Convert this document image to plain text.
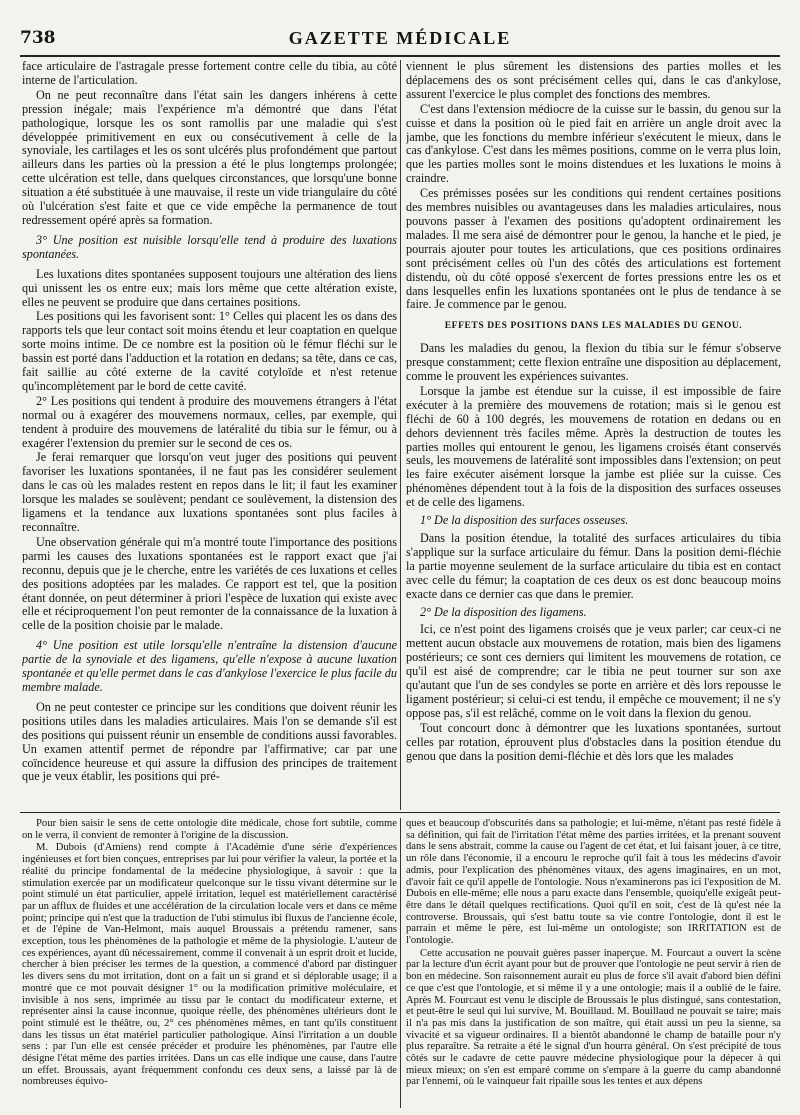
738	GAZETTE MÉDICALE

face articulaire de l'astragale presse fortement contre celle du tibia, au côté interne de l'articulation.

On ne peut reconnaître dans l'état sain les dangers inhérens à cette pression inégale; mais l'expérience m'a démontré que dans l'état pathologique, lorsque les os sont ramollis par une maladie qui s'est développée primitivement en eux ou consécutivement à celle de la synoviale, les cartilages et les os sont ulcérés plus profondément que partout ailleurs dans les parties où la pression a été le plus longtemps prolongée; cette ulcération est telle, dans quelques circonstances, que lorsqu'une bonne situation a été substituée à une mauvaise, il reste un vide triangulaire du côté où l'ulcération s'est faite et que ce vide empêche la permanence de tout redressement opéré après sa formation.

3° Une position est nuisible lorsqu'elle tend à produire des luxations spontanées.

Les luxations dites spontanées supposent toujours une altération des liens qui unissent les os entre eux; mais lors même que cette altération existe, elles ne peuvent se produire que dans certaines positions.

Les positions qui les favorisent sont: 1° Celles qui placent les os dans des rapports tels que leur contact soit moins étendu et leur coaptation en quelque sorte moins intime. De ce nombre est la position où le fémur fléchi sur le bassin est porté dans l'adduction et la rotation en dedans; sa tête, dans ce cas, fait saillie au côté externe de la cavité cotyloïde et n'est retenue qu'incomplètement par le bord de cette cavité.

2° Les positions qui tendent à produire des mouvemens étrangers à l'état normal ou à exagérer des mouvemens normaux, celles, par exemple, qui tendent à produire des mouvemens de latéralité du tibia sur le fémur, ou à exagérer l'extension du premier sur le second de ces os.

Je ferai remarquer que lorsqu'on veut juger des positions qui peuvent favoriser les luxations spontanées, il ne faut pas les considérer seulement dans le cas où les malades restent en repos dans le lit; il faut les examiner lorsque les malades se soulèvent; pendant ce soulèvement, la distension des ligamens et la tendance aux luxations spontanées sont plus faciles à reconnaître.

Une observation générale qui m'a montré toute l'importance des positions parmi les causes des luxations spontanées est le rapport exact que j'ai reconnu, depuis que je le cherche, entre les variétés de ces luxations et celles des positions adoptées par les malades. Ce rapport est tel, que la position étant donnée, on peut déterminer à priori l'espèce de luxation qui existe avec elle et réciproquement l'on peut remonter de la connaissance de la luxation à celle de la position choisie par le malade.

4° Une position est utile lorsqu'elle n'entraîne la distension d'aucune partie de la synoviale et des ligamens, qu'elle n'expose à aucune luxation spontanée et qu'elle permet dans le cas d'ankylose l'exercice le plus facile du membre malade.

On ne peut contester ce principe sur les conditions que doivent réunir les positions utiles dans les maladies articulaires. Mais l'on se demande s'il est des positions qui puissent réunir un ensemble de conditions aussi favorables. Un examen attentif permet de répondre par l'affirmative; car par une coïncidence heureuse et qui assure la diffusion des principes de traitement que je veux établir, les positions qui pré-

viennent le plus sûrement les distensions des parties molles et les déplacemens des os sont précisément celles qui, dans le cas d'ankylose, assurent l'exercice le plus complet des fonctions des membres.

C'est dans l'extension médiocre de la cuisse sur le bassin, du genou sur la cuisse et dans la position où le pied fait en arrière un angle droit avec la jambe, que les fonctions du membre inférieur s'exécutent le mieux, dans le cas d'ankylose. C'est dans les mêmes positions, comme on le verra plus loin, que les parties molles sont le moins distendues et les luxations le moins à craindre.

Ces prémisses posées sur les conditions qui rendent certaines positions des membres nuisibles ou avantageuses dans les maladies articulaires, nous pouvons passer à l'examen des positions qu'adoptent ordinairement les malades. Il me sera aisé de démontrer pour le genou, la hanche et le pied, je pourrais ajouter pour toutes les articulations, que ces positions ordinaires sont précisément celles où l'un des côtés des articulations est fortement distendu, où du côté opposé s'exercent de fortes pressions entre les os et dans lesquelles enfin les luxations spontanées ont le plus de tendance à se faire. Je commence par le genou.

EFFETS DES POSITIONS DANS LES MALADIES DU GENOU.

Dans les maladies du genou, la flexion du tibia sur le fémur s'observe presque constamment; cette flexion entraîne une disposition au déplacement, comme le prouvent les expériences suivantes.

Lorsque la jambe est étendue sur la cuisse, il est impossible de faire exécuter à la première des mouvemens de rotation; mais si le genou est fléchi de 60 à 100 degrés, les mouvemens de rotation en dedans ou en dehors deviennent très faciles même. Après la destruction de toutes les parties molles qui entourent le genou, les ligamens croisés étant conservés seuls, les mouvemens de latéralité sont impossibles dans l'extension; on peut les faire exécuter aisément lorsque la jambe est pliée sur la cuisse. Ces phénomènes dépendent tout à la fois de la disposition des surfaces osseuses et de celle des ligamens.

1° De la disposition des surfaces osseuses.

Dans la position étendue, la totalité des surfaces articulaires du tibia s'applique sur la surface articulaire du fémur. Dans la position demi-fléchie la partie moyenne seulement de la surface articulaire du tibia est en contact avec celle du fémur; la coaptation de ces deux os est donc beaucoup moins exacte dans ce dernier cas que dans le premier.

2° De la disposition des ligamens.

Ici, ce n'est point des ligamens croisés que je veux parler; car ceux-ci ne mettent aucun obstacle aux mouvemens de rotation, mais bien des ligamens postérieurs; ce sont ces derniers qui limitent les mouvemens de rotation, ce qu'il est aisé de comprendre; car le tibia ne peut tourner sur son axe qu'autant que l'un de ses condyles se porte en arrière et dès lors repousse le ligament postérieur; si celui-ci est tendu, il empêche ce mouvement; il ne s'y oppose pas, s'il est relâché, comme on le voit dans la flexion du genou.

Tout concourt donc à démontrer que les luxations spontanées, surtout celles par rotation, éprouvent plus d'obstacles dans la position étendue du genou que dans la position demi-fléchie et dès lors que les malades

Pour bien saisir le sens de cette ontologie dite médicale, chose fort subtile, comme on le verra, il convient de remonter à l'origine de la discussion.

M. Dubois (d'Amiens) rend compte à l'Académie d'une série d'expériences ingénieuses et fort bien conçues, entreprises par lui pour vérifier la valeur, la portée et la réalité du principe fondamental de la médecine physiologique, à savoir : que la stimulation exercée par un modificateur quelconque sur le tissu vivant détermine sur le point stimulé un état particulier, appelé irritation, lequel est matériellement caractérisé par un afflux de fluides et une accélération de la circulation locale vers et dans ce même point; principe qui n'est que la traduction de l'ubi stimulus ibi fluxus de l'ancienne école, et de l'épine de Van-Helmont, mais auquel Broussais a prétendu ramener, sans exception, tous les phénomènes de la pathologie et même de la physiologie. L'auteur de ces expériences, ayant dû nécessairement, comme il convenait à un esprit droit et lucide, chercher à bien préciser les termes de la question, a commencé d'abord par distinguer les divers sens du mot irritation, dont on a fait un si grand et si déplorable usage; il a montré que ce mot pouvait désigner 1° ou la modification primitive moléculaire, et invisible à nos sens, imprimée au tissu par le contact du modificateur externe, et représenter ainsi la cause inconnue, quoique réelle, des phénomènes ultérieurs dont le point stimulé est le théâtre, ou, 2° ces phénomènes mêmes, en tant qu'ils constituent dans les tissus un état matériel particulier pathologique. Ainsi l'irritation a un double sens : par l'un elle est censée précéder et produire les phénomènes, par l'autre elle désigne l'état même des parties irritées. Dans un cas elle indique une cause, dans l'autre un effet. Broussais, ayant fréquemment confondu ces deux sens, a laissé par là de nombreuses équivo-

ques et beaucoup d'obscurités dans sa pathologie; et lui-même, n'étant pas resté fidèle à sa définition, qui fait de l'irritation l'état même des parties irritées, et la prenant souvent dans le sens abstrait, comme la cause ou l'agent de cet état, et lui faisant jouer, à ce titre, un rôle dans l'économie, il a encouru le reproche qu'il fait à tous les médecins d'avoir admis, pour l'explication des phénomènes vitaux, des agens imaginaires, en un mot, d'avoir fait ce qu'il appelle de l'ontologie. Nous n'examinerons pas ici l'exposition de M. Dubois en elle-même; elle nous a paru exacte dans l'ensemble, quoiqu'elle exigeât peut-être dans le détail quelques rectifications. Quoi qu'il en soit, c'est de là qu'est née la controverse. Broussais, qui s'est battu toute sa vie contre l'ontologie, dont il est le parrain et même le père, est lui-même un ontologiste; son IRRITATION est de l'ontologie.

Cette accusation ne pouvait guères passer inaperçue. M. Fourcaut a ouvert la scène par la lecture d'un écrit ayant pour but de prouver que l'ontologie ne peut servir à rien de bon en médecine. Son raisonnement aurait eu plus de force s'il avait d'abord bien défini ce que c'est que l'ontologie, et si même il y a une ontologie; mais il a oublié de le faire. Après M. Fourcaut est venu le disciple de Broussais le plus distingué, sans contestation, et peut-être le seul qui lui survive, M. Bouillaud. M. Bouillaud ne pouvait se taire; mais il n'a pas mis dans la justification de son maître, qui était aussi un peu la sienne, sa vivacité et sa vigueur ordinaires. Il a bientôt abandonné le champ de bataille pour n'y plus reparaître. Sa retraite a été le signal d'un hourra général. On s'est précipité de tous côtés sur le cadavre de cette pauvre médecine physiologique pour la dépecer à qui mieux mieux; on s'en est emparé comme on s'empare à la guerre du camp abandonné par l'ennemi, où le vainqueur fait ripaille sous les tentes et aux dépens
